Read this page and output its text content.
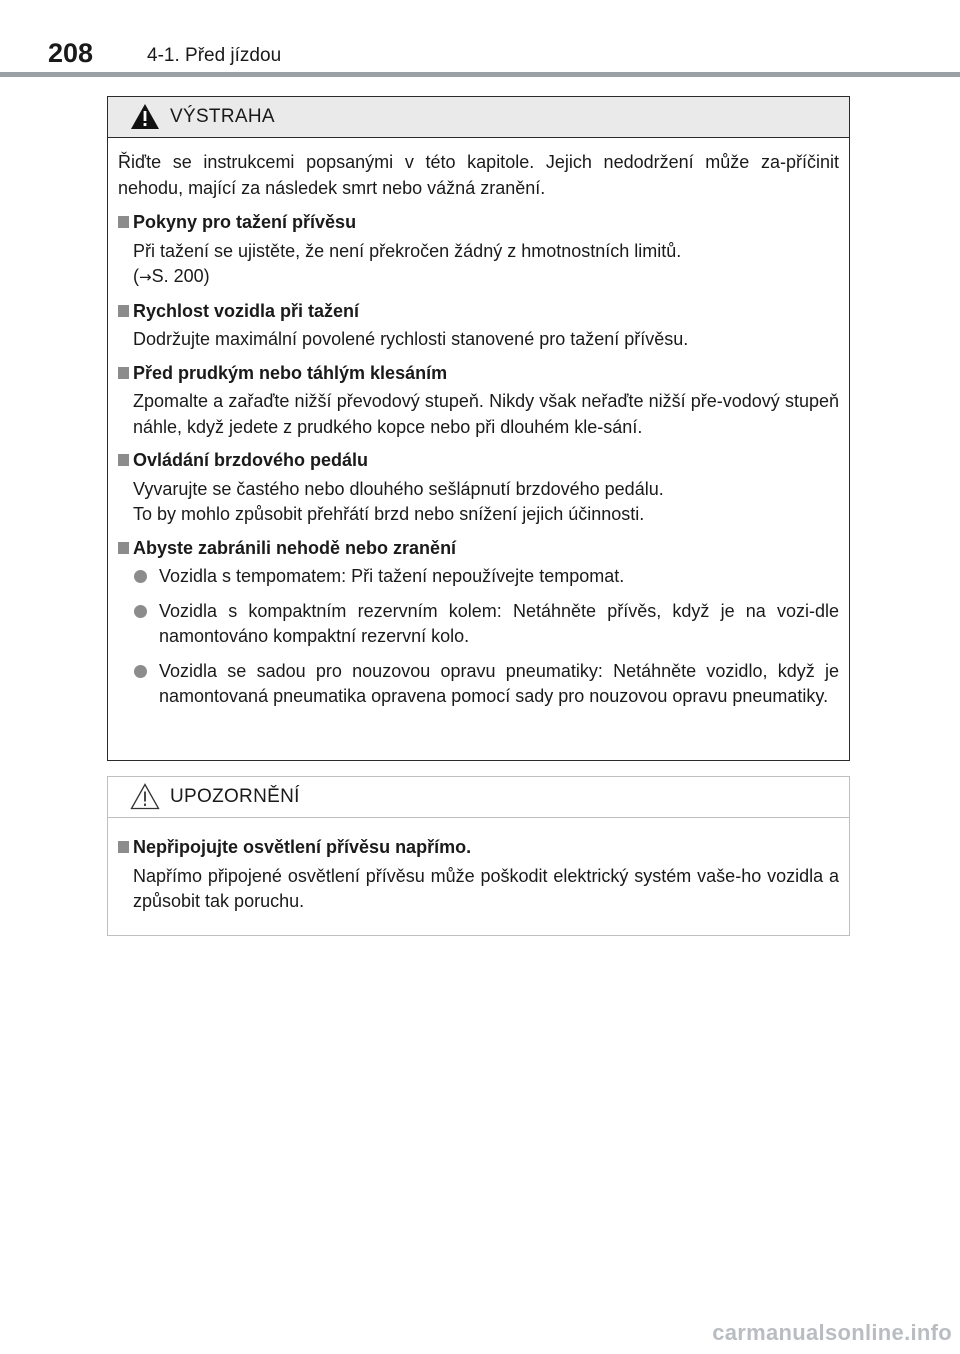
208	4-1. Před jízdou
VÝSTRAHA

Řiďte se instrukcemi popsanými v této kapitole. Jejich nedodržení může za-příčinit nehodu, mající za následek smrt nebo vážná zranění.

Pokyny pro tažení přívěsu

Při tažení se ujistěte, že není překročen žádný z hmotnostních limitů.

(→S. 200)

Rychlost vozidla při tažení

Dodržujte maximální povolené rychlosti stanovené pro tažení přívěsu.

Před prudkým nebo táhlým klesáním

Zpomalte a zařaďte nižší převodový stupeň. Nikdy však neřaďte nižší pře-vodový stupeň náhle, když jedete z prudkého kopce nebo při dlouhém kle-sání.

Ovládání brzdového pedálu

Vyvarujte se častého nebo dlouhého sešlápnutí brzdového pedálu.

To by mohlo způsobit přehřátí brzd nebo snížení jejich účinnosti.

Abyste zabránili nehodě nebo zranění
Vozidla s tempomatem: Při tažení nepoužívejte tempomat.
Vozidla s kompaktním rezervním kolem: Netáhněte přívěs, když je na vozi-dle namontováno kompaktní rezervní kolo.
Vozidla se sadou pro nouzovou opravu pneumatiky: Netáhněte vozidlo, když je namontovaná pneumatika opravena pomocí sady pro nouzovou opravu pneumatiky.
UPOZORNĚNÍ
Nepřipojujte osvětlení přívěsu napřímo.

Napřímo připojené osvětlení přívěsu může poškodit elektrický systém vaše-ho vozidla a způsobit tak poruchu.

carmanualsonline.info
